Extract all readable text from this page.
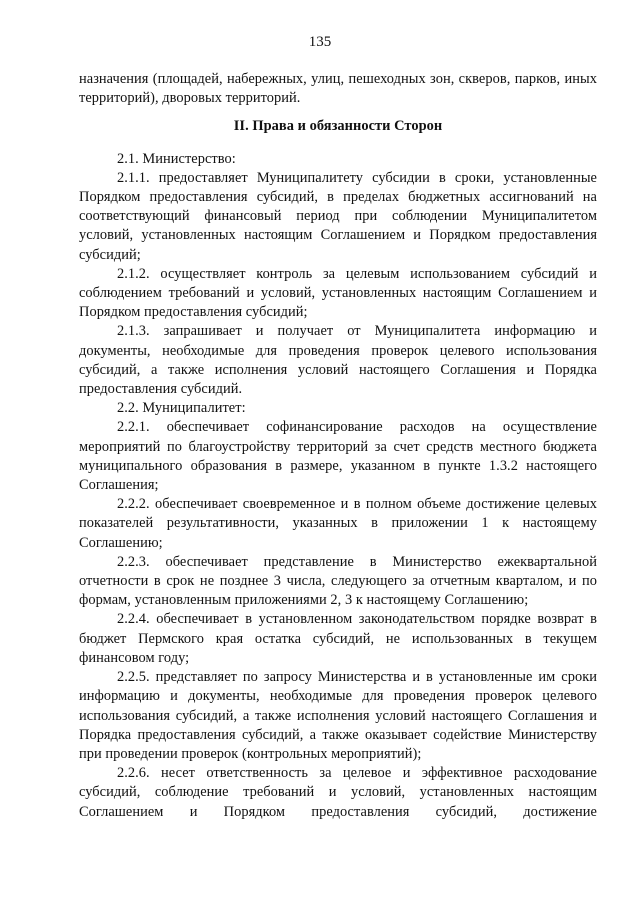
135

назначения (площадей, набережных, улиц, пешеходных зон, скверов, парков, иных территорий), дворовых территорий.

II. Права и обязанности Сторон

2.1. Министерство:

2.1.1. предоставляет Муниципалитету субсидии в сроки, установленные Порядком предоставления субсидий, в пределах бюджетных ассигнований на соответствующий финансовый период при соблюдении Муниципалитетом условий, установленных настоящим Соглашением и Порядком предоставления субсидий;

2.1.2. осуществляет контроль за целевым использованием субсидий и соблюдением требований и условий, установленных настоящим Соглашением и Порядком предоставления субсидий;

2.1.3. запрашивает и получает от Муниципалитета информацию и документы, необходимые для проведения проверок целевого использования субсидий, а также исполнения условий настоящего Соглашения и Порядка предоставления субсидий.

2.2. Муниципалитет:

2.2.1. обеспечивает софинансирование расходов на осуществление мероприятий по благоустройству территорий за счет средств местного бюджета муниципального образования в размере, указанном в пункте 1.3.2 настоящего Соглашения;

2.2.2. обеспечивает своевременное и в полном объеме достижение целевых показателей результативности, указанных в приложении 1 к настоящему Соглашению;

2.2.3. обеспечивает представление в Министерство ежеквартальной отчетности в срок не позднее 3 числа, следующего за отчетным кварталом, и по формам, установленным приложениями 2, 3 к настоящему Соглашению;

2.2.4. обеспечивает в установленном законодательством порядке возврат в бюджет Пермского края остатка субсидий, не использованных в текущем финансовом году;

2.2.5. представляет по запросу Министерства и в установленные им сроки информацию и документы, необходимые для проведения проверок целевого использования субсидий, а также исполнения условий настоящего Соглашения и Порядка предоставления субсидий, а также оказывает содействие Министерству при проведении проверок (контрольных мероприятий);

2.2.6. несет ответственность за целевое и эффективное расходование субсидий, соблюдение требований и условий, установленных настоящим Соглашением и Порядком предоставления субсидий, достижение
